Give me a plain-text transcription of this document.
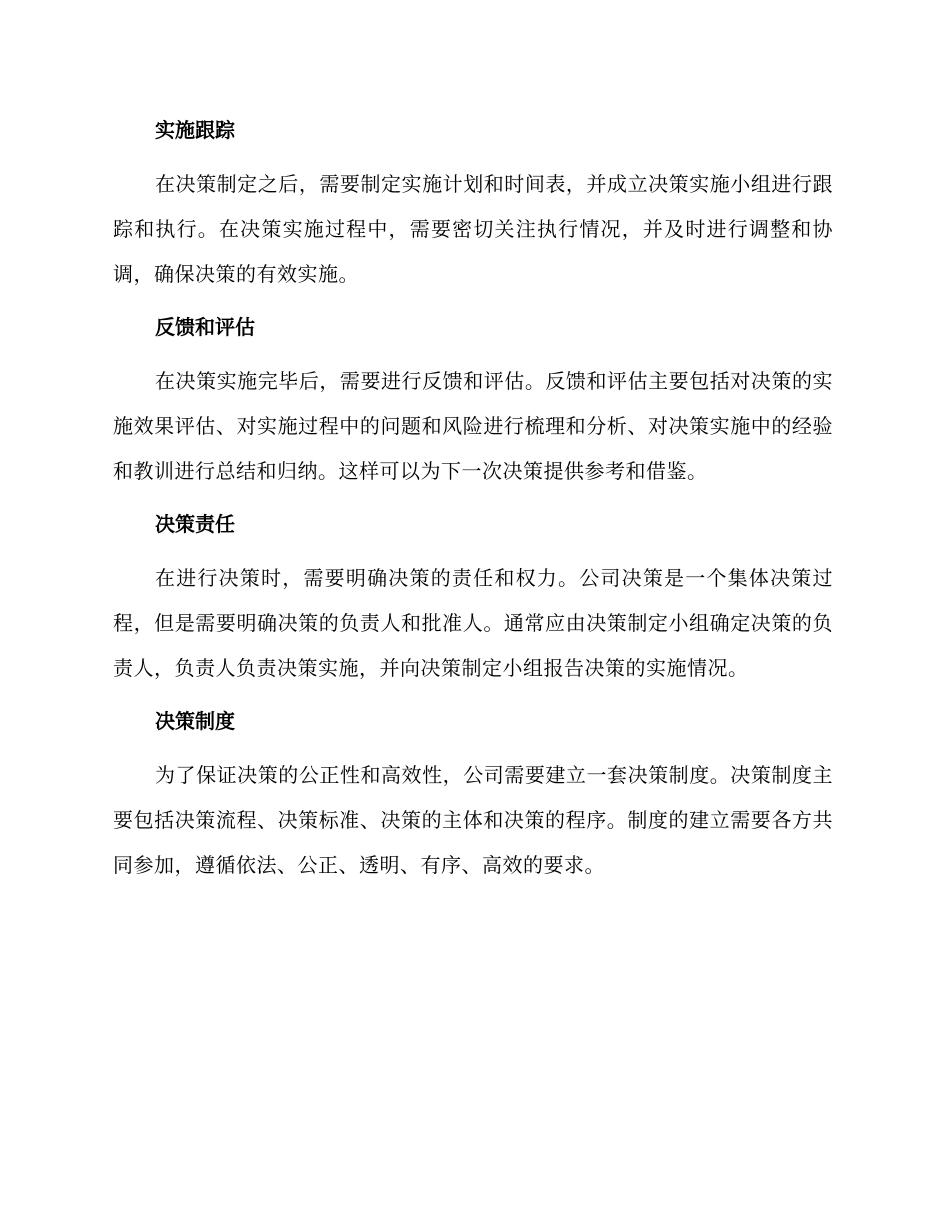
实施跟踪

在决策制定之后，需要制定实施计划和时间表，并成立决策实施小组进行跟踪和执行。在决策实施过程中，需要密切关注执行情况，并及时进行调整和协调，确保决策的有效实施。

反馈和评估

在决策实施完毕后，需要进行反馈和评估。反馈和评估主要包括对决策的实施效果评估、对实施过程中的问题和风险进行梳理和分析、对决策实施中的经验和教训进行总结和归纳。这样可以为下一次决策提供参考和借鉴。

决策责任

在进行决策时，需要明确决策的责任和权力。公司决策是一个集体决策过程，但是需要明确决策的负责人和批准人。通常应由决策制定小组确定决策的负责人，负责人负责决策实施，并向决策制定小组报告决策的实施情况。

决策制度

为了保证决策的公正性和高效性，公司需要建立一套决策制度。决策制度主要包括决策流程、决策标准、决策的主体和决策的程序。制度的建立需要各方共同参加，遵循依法、公正、透明、有序、高效的要求。
